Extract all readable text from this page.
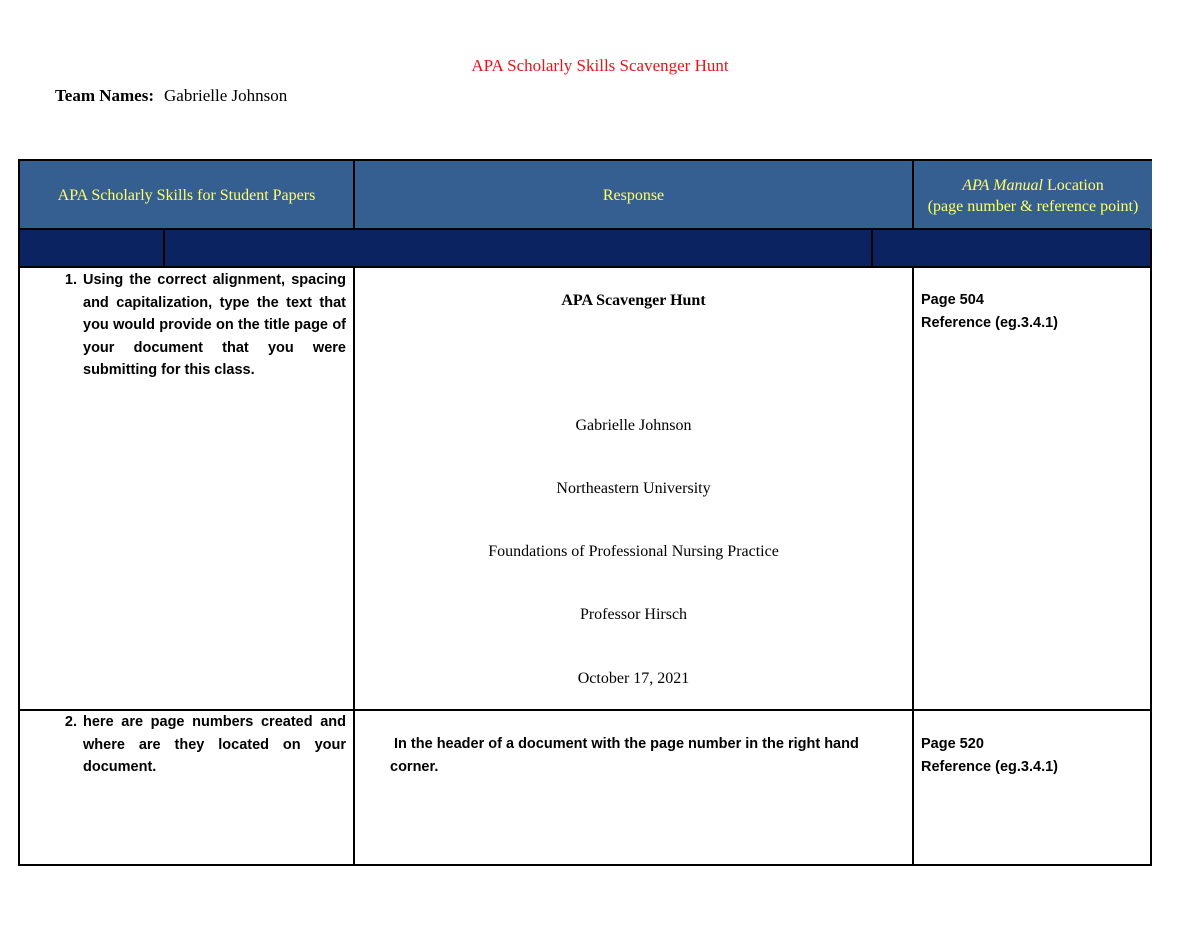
APA Scholarly Skills Scavenger Hunt
Team Names: Gabrielle Johnson
APA Scholarly Skills for Student Papers	Response
APA Manual Location
(page number & reference point)
1. Using the correct alignment, spacing and capitalization, type the text that you would provide on the title page of your document that you were submitting for this class.
APA Scavenger Hunt
Gabrielle Johnson
Northeastern University
Foundations of Professional Nursing Practice
Professor Hirsch
October 17, 2021
Page 504
Reference (eg.3.4.1)
2. here are page numbers created and where are they located on your document.
In the header of a document with the page number in the right hand corner.
Page 520
Reference (eg.3.4.1)
